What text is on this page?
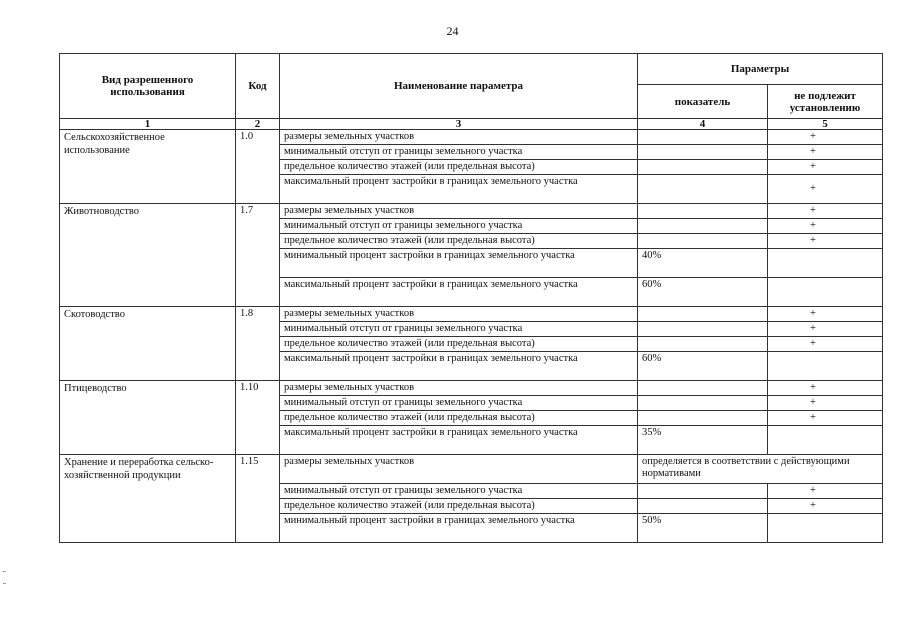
24
Вид разрешенного использования	Код	Наименование параметра	Параметры	
			показатель	не подлежит установлению
1	2	3	4	5
Сельскохозяйственное использование	1.0	размеры земельных участков		+
		минимальный отступ от границы земельного участка		+
		предельное количество этажей (или предельная высота)		+
		максимальный процент застройки в границах земельного участка		+
Животноводство	1.7	размеры земельных участков		+
		минимальный отступ от границы земельного участка		+
		предельное количество этажей (или предельная высота)		+
		минимальный процент застройки в границах земельного участка	40%	
		максимальный процент застройки в границах земельного участка	60%	
Скотоводство	1.8	размеры земельных участков		+
		минимальный отступ от границы земельного участка		+
		предельное количество этажей (или предельная высота)		+
		максимальный процент застройки в границах земельного участка	60%	
Птицеводство	1.10	размеры земельных участков		+
		минимальный отступ от границы земельного участка		+
		предельное количество этажей (или предельная высота)		+
		максимальный процент застройки в границах земельного участка	35%	
Хранение и переработка сельско-хозяйственной продукции	1.15	размеры земельных участков	определяется в соответствии с действующими нормативами	
		минимальный отступ от границы земельного участка		+
		предельное количество этажей (или предельная высота)		+
		минимальный процент застройки в границах земельного участка	50%	
